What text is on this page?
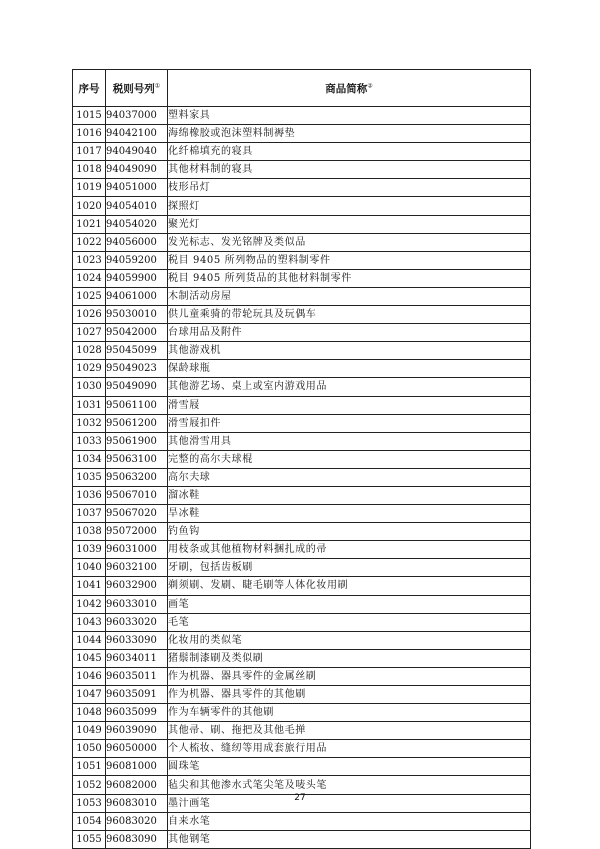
序号	税则号列①	商品简称②
1015	94037000	塑料家具
1016	94042100	海绵橡胶或泡沫塑料制褥垫
1017	94049040	化纤棉填充的寝具
1018	94049090	其他材料制的寝具
1019	94051000	枝形吊灯
1020	94054010	探照灯
1021	94054020	聚光灯
1022	94056000	发光标志、发光铭牌及类似品
1023	94059200	税目 9405 所列物品的塑料制零件
1024	94059900	税目 9405 所列货品的其他材料制零件
1025	94061000	木制活动房屋
1026	95030010	供儿童乘骑的带轮玩具及玩偶车
1027	95042000	台球用品及附件
1028	95045099	其他游戏机
1029	95049023	保龄球瓶
1030	95049090	其他游艺场、桌上或室内游戏用品
1031	95061100	滑雪屐
1032	95061200	滑雪屐扣件
1033	95061900	其他滑雪用具
1034	95063100	完整的高尔夫球棍
1035	95063200	高尔夫球
1036	95067010	溜冰鞋
1037	95067020	旱冰鞋
1038	95072000	钓鱼钩
1039	96031000	用枝条或其他植物材料捆扎成的帚
1040	96032100	牙刷，包括齿板刷
1041	96032900	剃须刷、发刷、睫毛刷等人体化妆用刷
1042	96033010	画笔
1043	96033020	毛笔
1044	96033090	化妆用的类似笔
1045	96034011	猪鬃制漆刷及类似刷
1046	96035011	作为机器、器具零件的金属丝刷
1047	96035091	作为机器、器具零件的其他刷
1048	96035099	作为车辆零件的其他刷
1049	96039090	其他帚、刷、拖把及其他毛掸
1050	96050000	个人梳妆、缝纫等用成套旅行用品
1051	96081000	圆珠笔
1052	96082000	毡尖和其他渗水式笔尖笔及唛头笔
1053	96083010	墨汁画笔
1054	96083020	自来水笔
1055	96083090	其他钢笔
27
